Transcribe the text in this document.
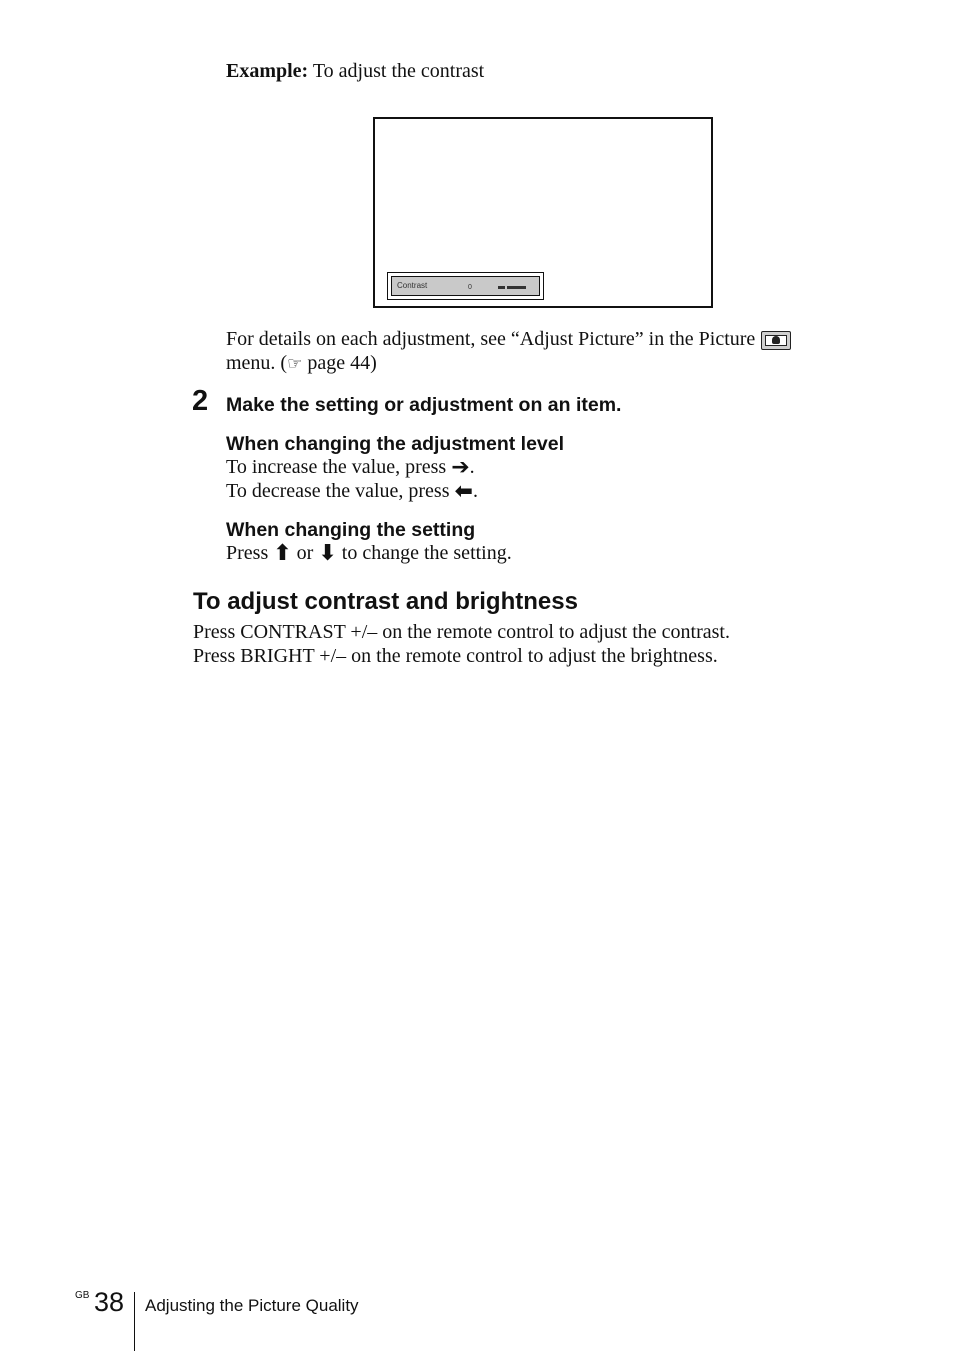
Example: To adjust the contrast
Contrast	0
For details on each adjustment, see “Adjust Picture” in the Picture
menu. (☞ page 44)
2 Make the setting or adjustment on an item.
When changing the adjustment level
To increase the value, press ➔.
To decrease the value, press ⬅.
When changing the setting
Press ⬆ or ⬇ to change the setting.
To adjust contrast and brightness
Press CONTRAST +/– on the remote control to adjust the contrast.
Press BRIGHT +/– on the remote control to adjust the brightness.
GB 38 Adjusting the Picture Quality
